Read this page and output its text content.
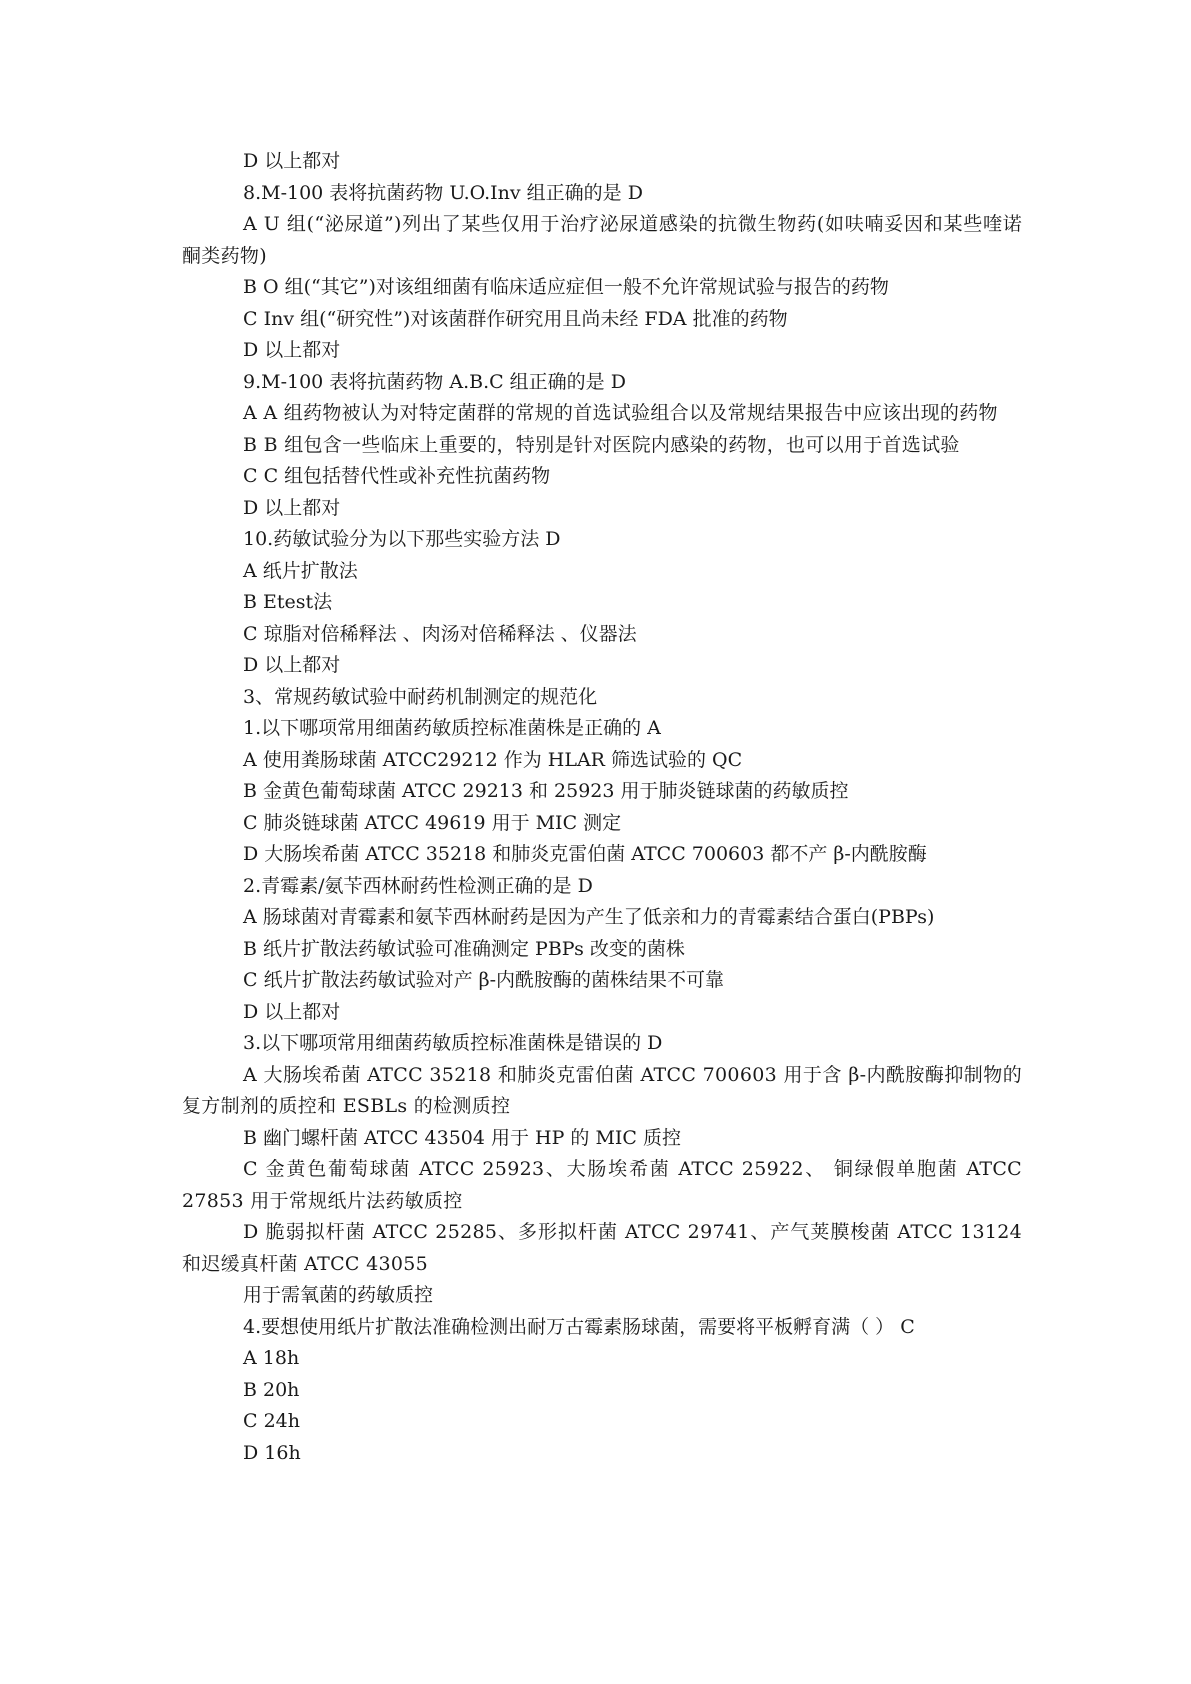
D 以上都对

8.M-100 表将抗菌药物 U.O.Inv 组正确的是 D

A U 组(“泌尿道”)列出了某些仅用于治疗泌尿道感染的抗微生物药(如呋喃妥因和某些喹诺酮类药物)

B O 组(“其它”)对该组细菌有临床适应症但一般不允许常规试验与报告的药物

C Inv 组(“研究性”)对该菌群作研究用且尚未经 FDA 批准的药物

D 以上都对

9.M-100 表将抗菌药物 A.B.C 组正确的是 D

A A 组药物被认为对特定菌群的常规的首选试验组合以及常规结果报告中应该出现的药物

B B 组包含一些临床上重要的，特别是针对医院内感染的药物，也可以用于首选试验

C C 组包括替代性或补充性抗菌药物

D 以上都对

10.药敏试验分为以下那些实验方法 D

A 纸片扩散法

B Etest法

C 琼脂对倍稀释法 、肉汤对倍稀释法 、仪器法

D 以上都对

3、常规药敏试验中耐药机制测定的规范化

1.以下哪项常用细菌药敏质控标准菌株是正确的 A

A 使用粪肠球菌 ATCC29212 作为 HLAR 筛选试验的 QC

B 金黄色葡萄球菌 ATCC 29213 和 25923 用于肺炎链球菌的药敏质控

C 肺炎链球菌 ATCC 49619 用于 MIC 测定

D 大肠埃希菌 ATCC 35218 和肺炎克雷伯菌 ATCC 700603 都不产 β-内酰胺酶

2.青霉素/氨苄西林耐药性检测正确的是 D

A 肠球菌对青霉素和氨苄西林耐药是因为产生了低亲和力的青霉素结合蛋白(PBPs)

B 纸片扩散法药敏试验可准确测定 PBPs 改变的菌株

C 纸片扩散法药敏试验对产 β-内酰胺酶的菌株结果不可靠

D 以上都对

3.以下哪项常用细菌药敏质控标准菌株是错误的 D

A 大肠埃希菌 ATCC 35218 和肺炎克雷伯菌 ATCC 700603 用于含 β-内酰胺酶抑制物的复方制剂的质控和 ESBLs 的检测质控

B 幽门螺杆菌 ATCC 43504 用于 HP 的 MIC 质控

C 金黄色葡萄球菌 ATCC 25923、大肠埃希菌 ATCC 25922、 铜绿假单胞菌 ATCC 27853 用于常规纸片法药敏质控

D 脆弱拟杆菌 ATCC 25285、多形拟杆菌 ATCC 29741、产气荚膜梭菌 ATCC 13124 和迟缓真杆菌 ATCC 43055

用于需氧菌的药敏质控

4.要想使用纸片扩散法准确检测出耐万古霉素肠球菌，需要将平板孵育满（ ） C

A 18h

B 20h

C 24h

D 16h
